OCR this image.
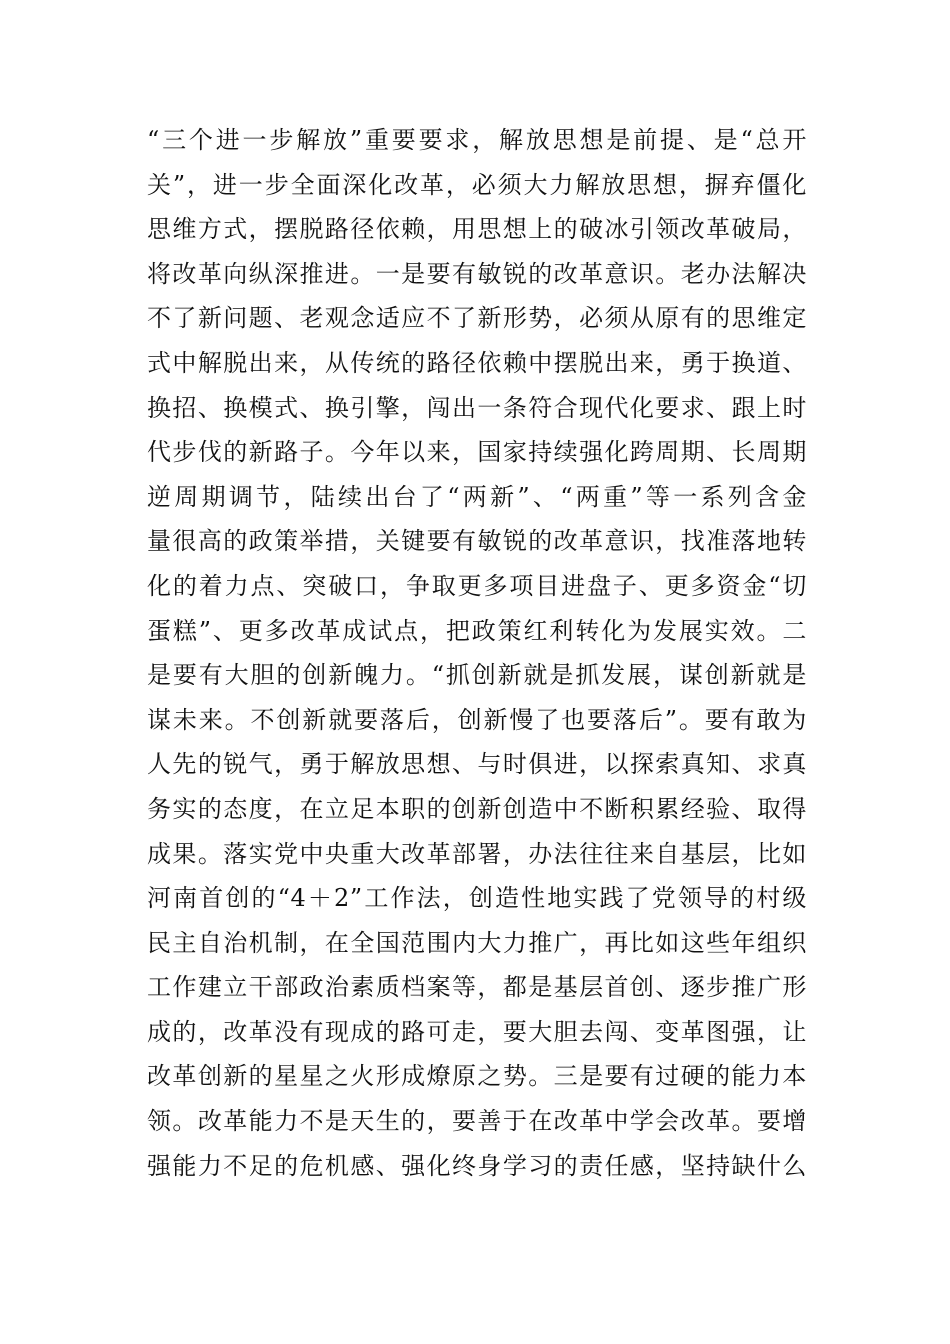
“三个进一步解放”重要要求，解放思想是前提、是“总开
关”，进一步全面深化改革，必须大力解放思想，摒弃僵化
思维方式，摆脱路径依赖，用思想上的破冰引领改革破局，
将改革向纵深推进。一是要有敏锐的改革意识。老办法解决
不了新问题、老观念适应不了新形势，必须从原有的思维定
式中解脱出来，从传统的路径依赖中摆脱出来，勇于换道、
换招、换模式、换引擎，闯出一条符合现代化要求、跟上时
代步伐的新路子。今年以来，国家持续强化跨周期、长周期
逆周期调节，陆续出台了“两新”、“两重”等一系列含金
量很高的政策举措，关键要有敏锐的改革意识，找准落地转
化的着力点、突破口，争取更多项目进盘子、更多资金“切
蛋糕”、更多改革成试点，把政策红利转化为发展实效。二
是要有大胆的创新魄力。“抓创新就是抓发展，谋创新就是
谋未来。不创新就要落后，创新慢了也要落后”。要有敢为
人先的锐气，勇于解放思想、与时俱进，以探索真知、求真
务实的态度，在立足本职的创新创造中不断积累经验、取得
成果。落实党中央重大改革部署，办法往往来自基层，比如
河南首创的“4＋2”工作法，创造性地实践了党领导的村级
民主自治机制，在全国范围内大力推广，再比如这些年组织
工作建立干部政治素质档案等，都是基层首创、逐步推广形
成的，改革没有现成的路可走，要大胆去闯、变革图强，让
改革创新的星星之火形成燎原之势。三是要有过硬的能力本
领。改革能力不是天生的，要善于在改革中学会改革。要增
强能力不足的危机感、强化终身学习的责任感，坚持缺什么
